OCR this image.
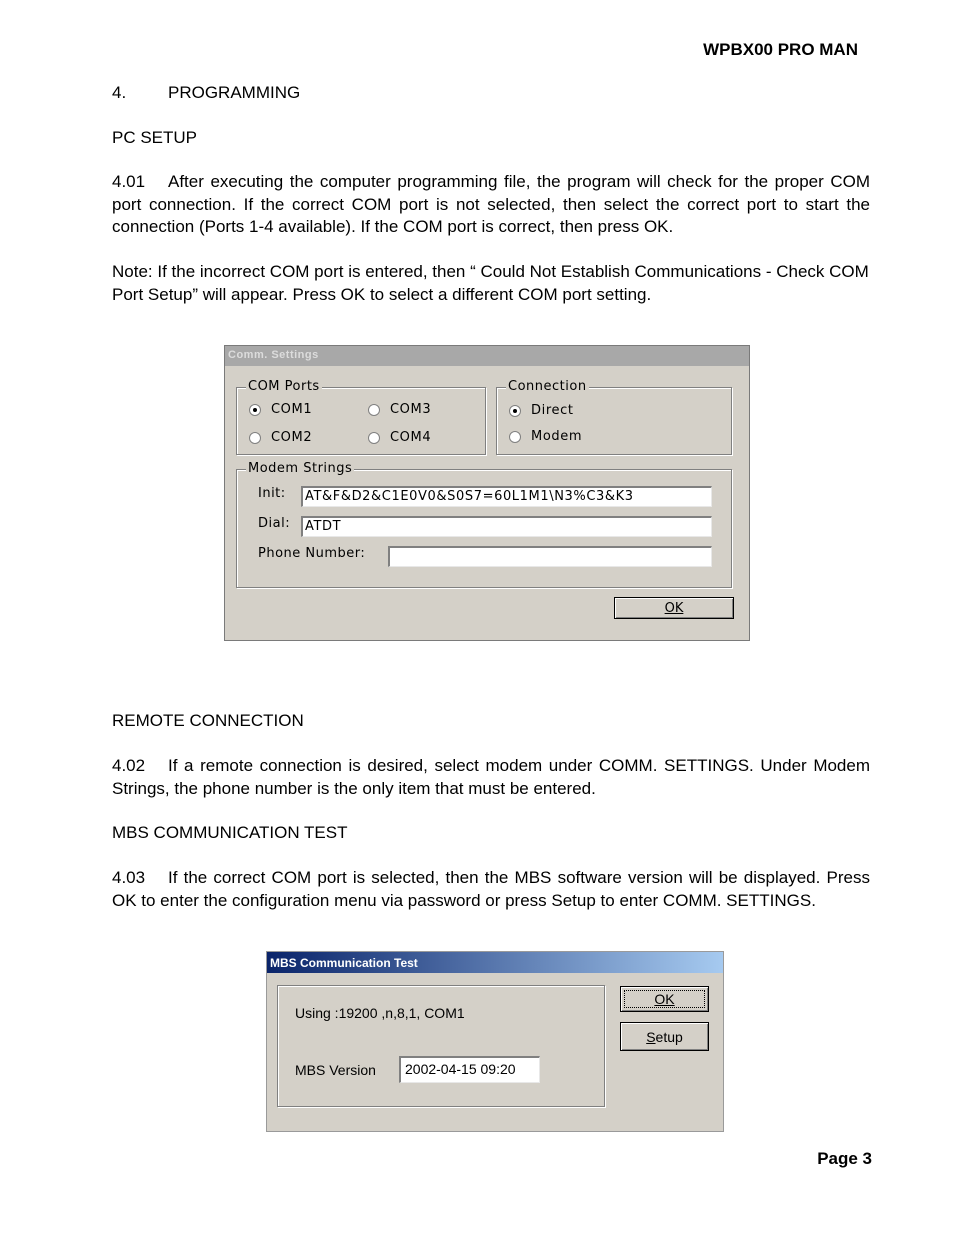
WPBX00 PRO MAN
4. PROGRAMMING
PC SETUP
4.01 After executing the computer programming file, the program will check for the proper COM port connection. If the correct COM port is not selected, then select the correct port to start the connection (Ports 1-4 available). If the COM port is correct, then press OK.
Note: If the incorrect COM port is entered, then “ Could Not Establish Communications - Check COM Port Setup” will appear. Press OK to select a different COM port setting.
Comm. Settings
COM Ports
COM1	COM3
COM2	COM4
Connection
Direct
Modem
Modem Strings
Init:	AT&F&D2&C1E0V0&S0S7=60L1M1\N3%C3&K3
Dial:	ATDT
Phone Number:
OK
REMOTE CONNECTION
4.02 If a remote connection is desired, select modem under COMM. SETTINGS. Under Modem Strings, the phone number is the only item that must be entered.
MBS COMMUNICATION TEST
4.03 If the correct COM port is selected, then the MBS software version will be displayed. Press OK to enter the configuration menu via password or press Setup to enter COMM. SETTINGS.
MBS Communication Test
Using :19200 ,n,8,1, COM1
MBS Version	2002-04-15 09:20
OK
Setup
Page 3
